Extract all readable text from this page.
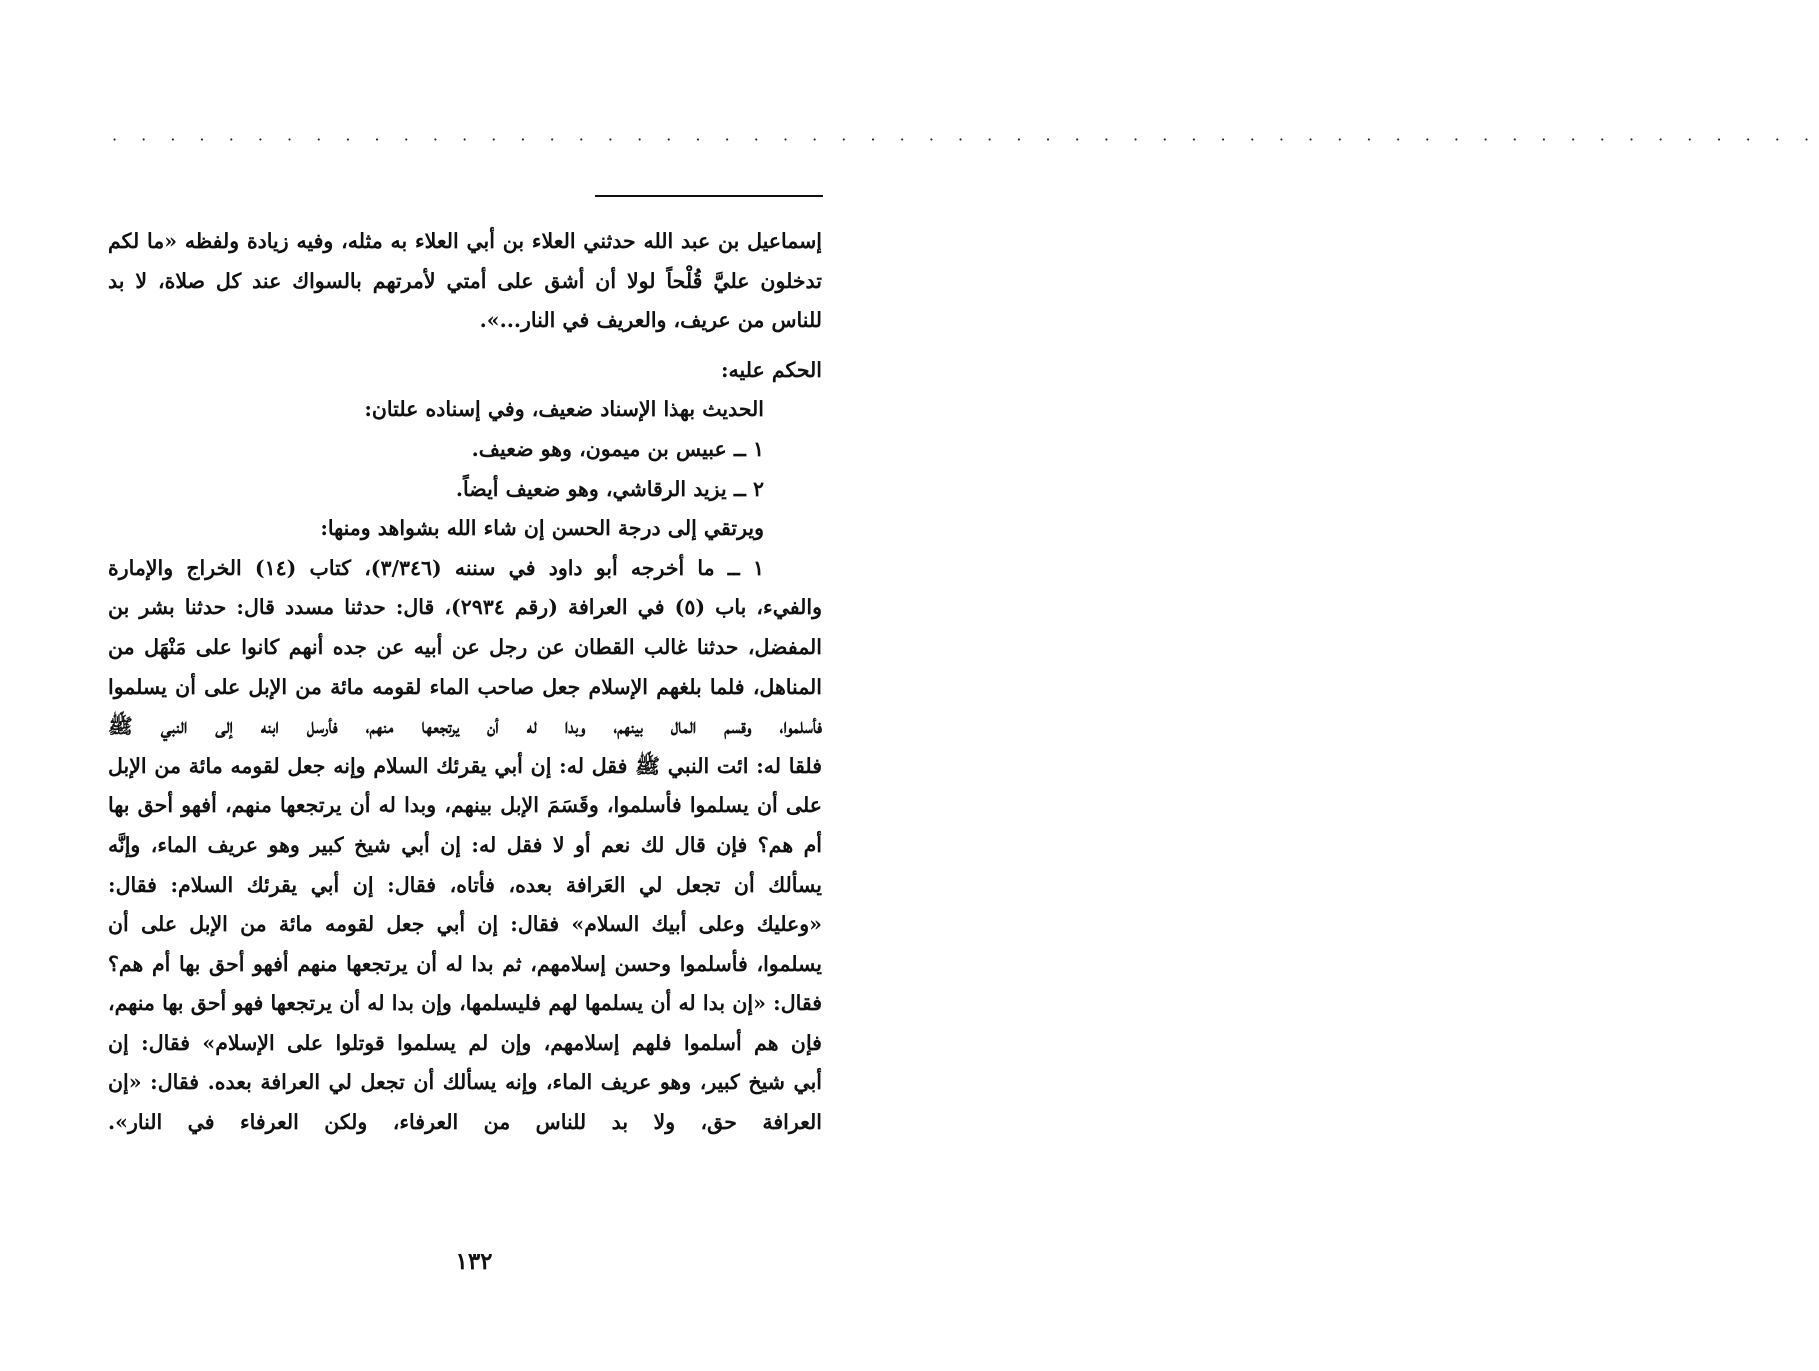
· · · · · · · · · · · · · · · · · · · · · · · · · · · · · · · · · · · · · · · · · · · · · · · · · · · · · · · · · · ·

إسماعيل بن عبد الله حدثني العلاء بن أبي العلاء به مثله، وفيه زيادة ولفظه «ما لكم

تدخلون عليَّ قُلْحاً لولا أن أشق على أمتي لأمرتهم بالسواك عند كل صلاة، لا بد

للناس من عريف، والعريف في النار...».

الحكم عليه:

الحديث بهذا الإسناد ضعيف، وفي إسناده علتان:

١ ــ عبيس بن ميمون، وهو ضعيف.

٢ ــ يزيد الرقاشي، وهو ضعيف أيضاً.

ويرتقي إلى درجة الحسن إن شاء الله بشواهد ومنها:

١ ــ ما أخرجه أبو داود في سننه (٣/٣٤٦)، كتاب (١٤) الخراج والإمارة

والفيء، باب (٥) في العرافة (رقم ٢٩٣٤)، قال: حدثنا مسدد قال: حدثنا بشر بن

المفضل، حدثنا غالب القطان عن رجل عن أبيه عن جده أنهم كانوا على مَنْهَل من

المناهل، فلما بلغهم الإسلام جعل صاحب الماء لقومه مائة من الإبل على أن يسلموا

فأسلموا، وقسم المال بينهم، وبدا له أن يرتجعها منهم، فأرسل ابنه إلى النبي ﷺ

فلقا له: ائت النبي ﷺ فقل له: إن أبي يقرئك السلام وإنه جعل لقومه مائة من الإبل

على أن يسلموا فأسلموا، وقَسَمَ الإبل بينهم، وبدا له أن يرتجعها منهم، أفهو أحق بها

أم هم؟ فإن قال لك نعم أو لا فقل له: إن أبي شيخ كبير وهو عريف الماء، وإنَّه

يسألك أن تجعل لي العَرافة بعده، فأتاه، فقال: إن أبي يقرئك السلام: فقال:

«وعليك وعلى أبيك السلام» فقال: إن أبي جعل لقومه مائة من الإبل على أن

يسلموا، فأسلموا وحسن إسلامهم، ثم بدا له أن يرتجعها منهم أفهو أحق بها أم هم؟

فقال: «إن بدا له أن يسلمها لهم فليسلمها، وإن بدا له أن يرتجعها فهو أحق بها منهم،

فإن هم أسلموا فلهم إسلامهم، وإن لم يسلموا قوتلوا على الإسلام» فقال: إن

أبي شيخ كبير، وهو عريف الماء، وإنه يسألك أن تجعل لي العرافة بعده. فقال: «إن

العرافة حق، ولا بد للناس من العرفاء، ولكن العرفاء في النار».

١٣٢
